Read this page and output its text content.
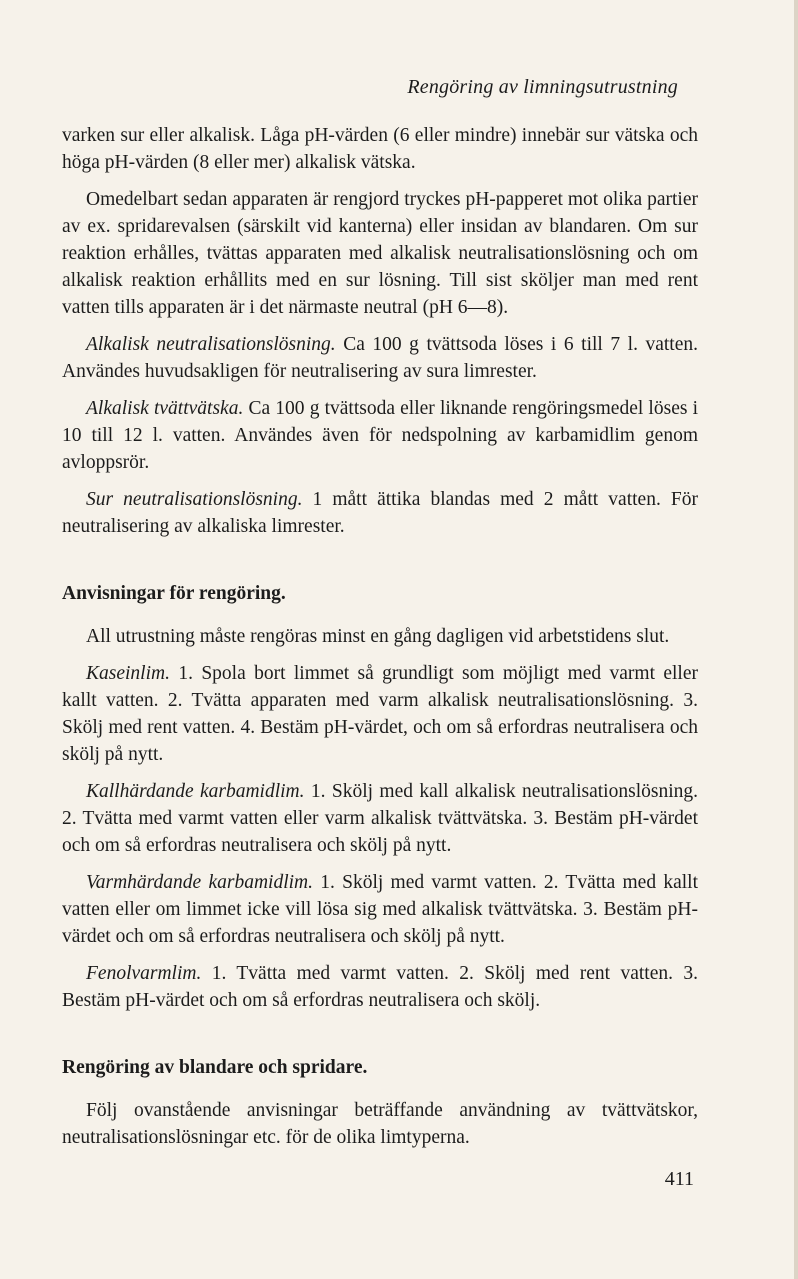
Rengöring av limningsutrustning

varken sur eller alkalisk. Låga pH-värden (6 eller mindre) innebär sur vätska och höga pH-värden (8 eller mer) alkalisk vätska.

Omedelbart sedan apparaten är rengjord tryckes pH-papperet mot olika partier av ex. spridarevalsen (särskilt vid kanterna) eller insidan av blandaren. Om sur reaktion erhålles, tvättas apparaten med alkalisk neutralisationslösning och om alkalisk reaktion erhållits med en sur lösning. Till sist sköljer man med rent vatten tills apparaten är i det närmaste neutral (pH 6—8).

Alkalisk neutralisationslösning. Ca 100 g tvättsoda löses i 6 till 7 l. vatten. Användes huvudsakligen för neutralisering av sura limrester.

Alkalisk tvättvätska. Ca 100 g tvättsoda eller liknande rengöringsmedel löses i 10 till 12 l. vatten. Användes även för nedspolning av karbamidlim genom avloppsrör.

Sur neutralisationslösning. 1 mått ättika blandas med 2 mått vatten. För neutralisering av alkaliska limrester.

Anvisningar för rengöring.

All utrustning måste rengöras minst en gång dagligen vid arbetstidens slut.

Kaseinlim. 1. Spola bort limmet så grundligt som möjligt med varmt eller kallt vatten. 2. Tvätta apparaten med varm alkalisk neutralisationslösning. 3. Skölj med rent vatten. 4. Bestäm pH-värdet, och om så erfordras neutralisera och skölj på nytt.

Kallhärdande karbamidlim. 1. Skölj med kall alkalisk neutralisationslösning. 2. Tvätta med varmt vatten eller varm alkalisk tvättvätska. 3. Bestäm pH-värdet och om så erfordras neutralisera och skölj på nytt.

Varmhärdande karbamidlim. 1. Skölj med varmt vatten. 2. Tvätta med kallt vatten eller om limmet icke vill lösa sig med alkalisk tvättvätska. 3. Bestäm pH-värdet och om så erfordras neutralisera och skölj på nytt.

Fenolvarmlim. 1. Tvätta med varmt vatten. 2. Skölj med rent vatten. 3. Bestäm pH-värdet och om så erfordras neutralisera och skölj.

Rengöring av blandare och spridare.

Följ ovanstående anvisningar beträffande användning av tvättvätskor, neutralisationslösningar etc. för de olika limtyperna.

411
